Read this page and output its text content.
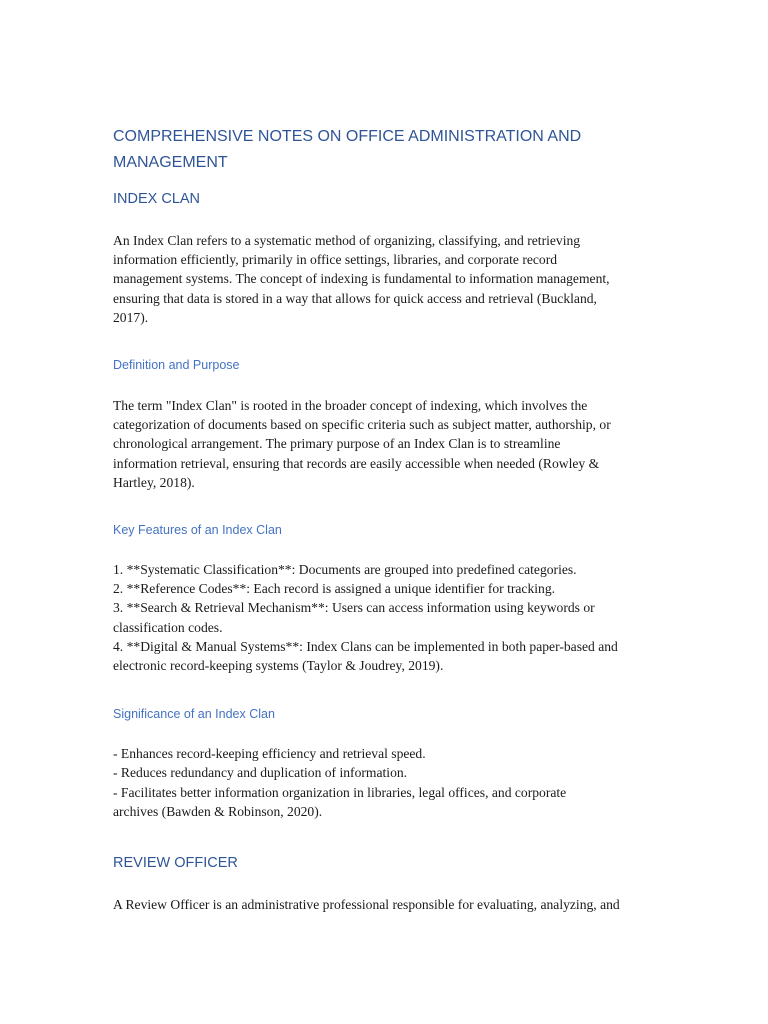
COMPREHENSIVE NOTES ON OFFICE ADMINISTRATION AND
MANAGEMENT
INDEX CLAN

An Index Clan refers to a systematic method of organizing, classifying, and retrieving
information efficiently, primarily in office settings, libraries, and corporate record
management systems. The concept of indexing is fundamental to information management,
ensuring that data is stored in a way that allows for quick access and retrieval (Buckland,
2017).

Definition and Purpose

The term "Index Clan" is rooted in the broader concept of indexing, which involves the
categorization of documents based on specific criteria such as subject matter, authorship, or
chronological arrangement. The primary purpose of an Index Clan is to streamline
information retrieval, ensuring that records are easily accessible when needed (Rowley &
Hartley, 2018).

Key Features of an Index Clan

1. **Systematic Classification**: Documents are grouped into predefined categories.
2. **Reference Codes**: Each record is assigned a unique identifier for tracking.
3. **Search & Retrieval Mechanism**: Users can access information using keywords or
classification codes.
4. **Digital & Manual Systems**: Index Clans can be implemented in both paper-based and
electronic record-keeping systems (Taylor & Joudrey, 2019).

Significance of an Index Clan

- Enhances record-keeping efficiency and retrieval speed.
- Reduces redundancy and duplication of information.
- Facilitates better information organization in libraries, legal offices, and corporate
archives (Bawden & Robinson, 2020).

REVIEW OFFICER

A Review Officer is an administrative professional responsible for evaluating, analyzing, and
